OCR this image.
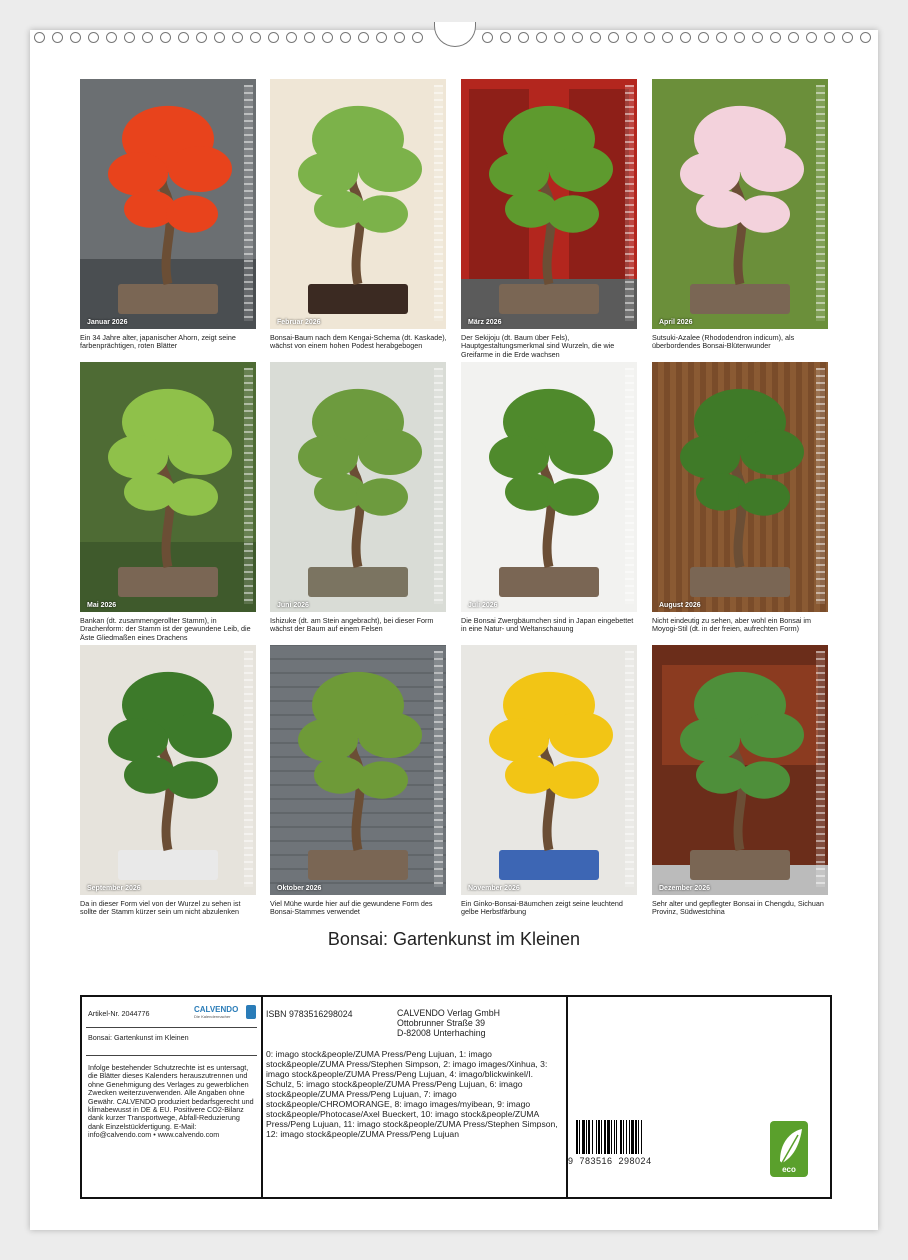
Januar 2026
Ein 34 Jahre alter, japanischer Ahorn, zeigt seine farbenprächtigen, roten Blätter
Februar 2026
Bonsai-Baum nach dem Kengai-Schema (dt. Kaskade), wächst von einem hohen Podest herabgebogen
März 2026
Der Sekijoju (dt. Baum über Fels), Hauptgestaltungsmerkmal sind Wurzeln, die wie Greifarme in die Erde wachsen
April 2026
Sutsuki-Azalee (Rhododendron indicum), als überbordendes Bonsai-Blütenwunder
Mai 2026
Bankan (dt. zusammengerollter Stamm), in Drachenform: der Stamm ist der gewundene Leib, die Äste Gliedmaßen eines Drachens
Juni 2026
Ishizuke (dt. am Stein angebracht), bei dieser Form wächst der Baum auf einem Felsen
Juli 2026
Die Bonsai Zwergbäumchen sind in Japan eingebettet in eine Natur- und Weltanschauung
August 2026
Nicht eindeutig zu sehen, aber wohl ein Bonsai im Moyogi-Stil (dt. in der freien, aufrechten Form)
September 2026
Da in dieser Form viel von der Wurzel zu sehen ist sollte der Stamm kürzer sein um nicht abzulenken
Oktober 2026
Viel Mühe wurde hier auf die gewundene Form des Bonsai-Stammes verwendet
November 2026
Ein Ginko-Bonsai-Bäumchen zeigt seine leuchtend gelbe Herbstfärbung
Dezember 2026
Sehr alter und gepflegter Bonsai in Chengdu, Sichuan Provinz, Südwestchina
Bonsai: Gartenkunst im Kleinen
Artikel-Nr. 2044776	CALVENDO
Die Kalendermacher
Bonsai: Gartenkunst im Kleinen
Infolge bestehender Schutzrechte ist es untersagt, die Blätter dieses Kalenders herauszutrennen und ohne Genehmigung des Verlages zu gewerblichen Zwecken weiterzuverwenden. Alle Angaben ohne Gewähr. CALVENDO produziert bedarfsgerecht und klimabewusst in DE & EU. Positivere CO2-Bilanz dank kurzer Transportwege, Abfall-Reduzierung dank Einzelstückfertigung. E-Mail: info@calvendo.com • www.calvendo.com
ISBN 9783516298024	CALVENDO Verlag GmbH
Ottobrunner Straße 39
D-82008 Unterhaching
0: imago stock&people/ZUMA Press/Peng Lujuan, 1: imago stock&people/ZUMA Press/Stephen Simpson, 2: imago images/Xinhua, 3: imago stock&people/ZUMA Press/Peng Lujuan, 4: imago/blickwinkel/I. Schulz, 5: imago stock&people/ZUMA Press/Peng Lujuan, 6: imago stock&people/ZUMA Press/Peng Lujuan, 7: imago stock&people/CHROMORANGE, 8: imago images/myibean, 9: imago stock&people/Photocase/Axel Bueckert, 10: imago stock&people/ZUMA Press/Peng Lujuan, 11: imago stock&people/ZUMA Press/Stephen Simpson, 12: imago stock&people/ZUMA Press/Peng Lujuan
9  783516  298024
eco
